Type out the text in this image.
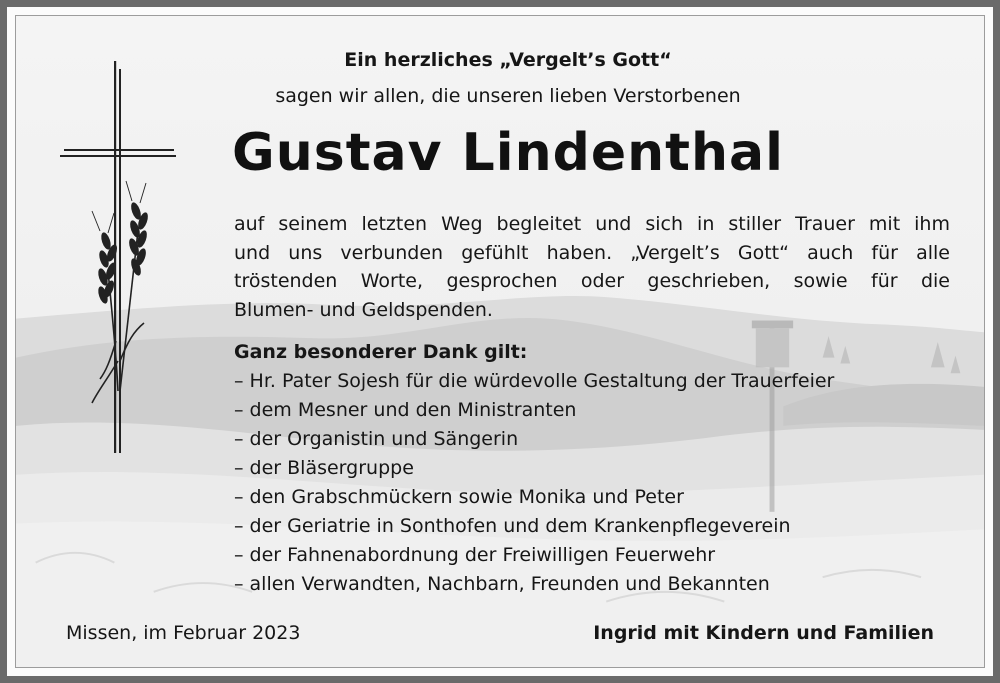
Ein herzliches „Vergelt’s Gott“
sagen wir allen, die unseren lieben Verstorbenen
Gustav Lindenthal
auf seinem letzten Weg begleitet und sich in stiller Trauer mit ihm
und uns verbunden gefühlt haben. „Vergelt’s Gott“ auch für alle
tröstenden Worte, gesprochen oder geschrieben, sowie für die
Blumen- und Geldspenden.
Ganz besonderer Dank gilt:
– Hr. Pater Sojesh für die würdevolle Gestaltung der Trauerfeier
– dem Mesner und den Ministranten
– der Organistin und Sängerin
– der Bläsergruppe
– den Grabschmückern sowie Monika und Peter
– der Geriatrie in Sonthofen und dem Krankenpflegeverein
– der Fahnenabordnung der Freiwilligen Feuerwehr
– allen Verwandten, Nachbarn, Freunden und Bekannten
Missen, im Februar 2023	Ingrid mit Kindern und Familien
